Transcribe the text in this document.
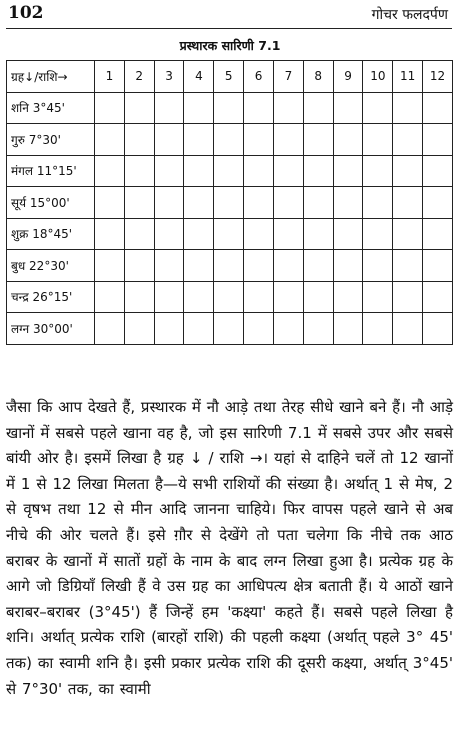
102	गोचर फलदर्पण
प्रस्थारक सारिणी 7.1
ग्रह↓/राशि→	1	2	3	4	5	6	7	8	9	10	11	12
शनि 3°45'												
गुरु 7°30'												
मंगल 11°15'												
सूर्य 15°00'												
शुक्र 18°45'												
बुध 22°30'												
चन्द्र 26°15'												
लग्न 30°00'												
जैसा कि आप देखते हैं, प्रस्थारक में नौ आड़े तथा तेरह सीधे खाने बने हैं। नौ आड़े खानों में सबसे पहले खाना वह है, जो इस सारिणी 7.1 में सबसे उपर और सबसे बांयी ओर है। इसमें लिखा है ग्रह ↓ / राशि →। यहां से दाहिने चलें तो 12 खानों में 1 से 12 लिखा मिलता है—ये सभी राशियों की संख्या है। अर्थात् 1 से मेष, 2 से वृषभ तथा 12 से मीन आदि जानना चाहिये। फिर वापस पहले खाने से अब नीचे की ओर चलते हैं। इसे ग़ौर से देखेंगे तो पता चलेगा कि नीचे तक आठ बराबर के खानों में सातों ग्रहों के नाम के बाद लग्न लिखा हुआ है। प्रत्येक ग्रह के आगे जो डिग्रियाँ लिखी हैं वे उस ग्रह का आधिपत्य क्षेत्र बताती हैं। ये आठों खाने बराबर–बराबर (3°45') हैं जिन्हें हम 'कक्ष्या' कहते हैं। सबसे पहले लिखा है शनि। अर्थात् प्रत्येक राशि (बारहों राशि) की पहली कक्ष्या (अर्थात् पहले 3° 45' तक) का स्वामी शनि है। इसी प्रकार प्रत्येक राशि की दूसरी कक्ष्या, अर्थात् 3°45' से 7°30' तक, का स्वामी
